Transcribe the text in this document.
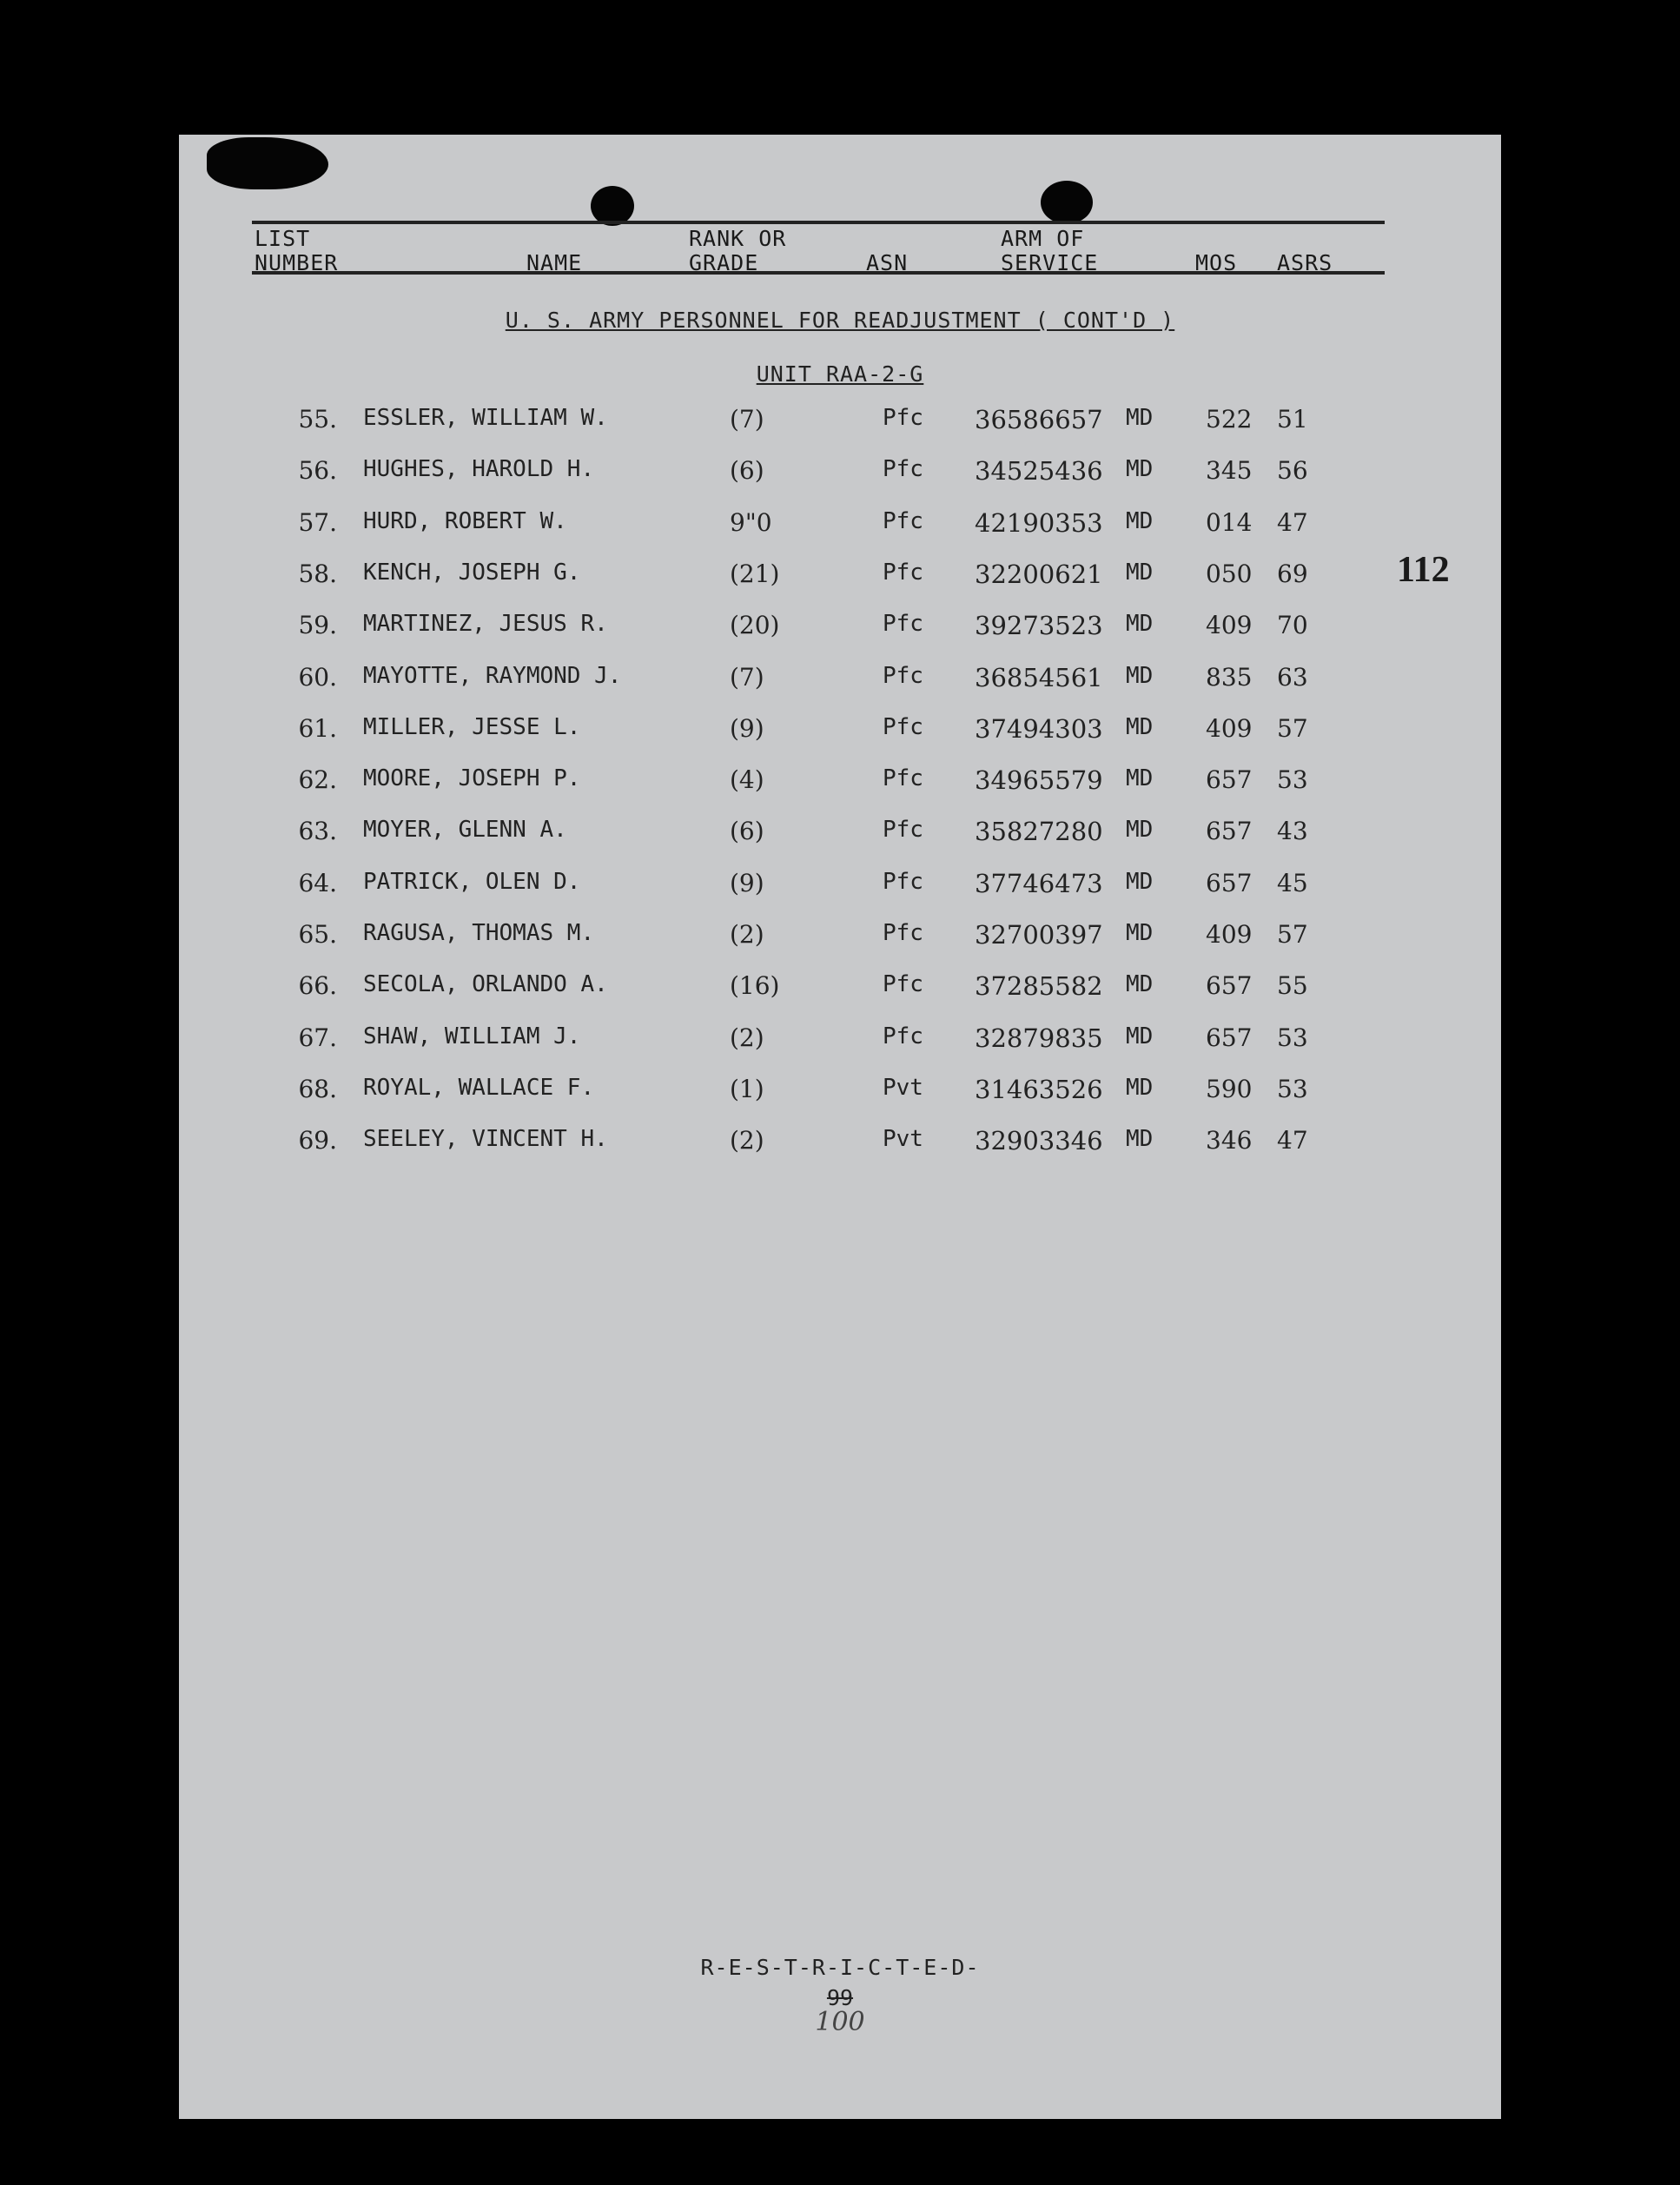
LIST
NUMBER	NAME
RANK OR
GRADE	ASN
ARM OF
SERVICE	MOS ASRS
U. S. ARMY PERSONNEL FOR READJUSTMENT ( CONT'D )
UNIT RAA-2-G
55. ESSLER, WILLIAM W.	(7)	Pfc 36586657 MD 522 51
56. HUGHES, HAROLD H.	(6)	Pfc 34525436 MD 345 56
57. HURD, ROBERT W.	9"0	Pfc 42190353 MD 014 47
58. KENCH, JOSEPH G.	(21)	Pfc 32200621 MD 050 69
59. MARTINEZ, JESUS R.	(20)	Pfc 39273523 MD 409 70
60. MAYOTTE, RAYMOND J.	(7)	Pfc 36854561 MD 835 63
61. MILLER, JESSE L.	(9)	Pfc 37494303 MD 409 57
62. MOORE, JOSEPH P.	(4)	Pfc 34965579 MD 657 53
63. MOYER, GLENN A.	(6)	Pfc 35827280 MD 657 43
64. PATRICK, OLEN D.	(9)	Pfc 37746473 MD 657 45
65. RAGUSA, THOMAS M.	(2)	Pfc 32700397 MD 409 57
66. SECOLA, ORLANDO A.	(16)	Pfc 37285582 MD 657 55
67. SHAW, WILLIAM J.	(2)	Pfc 32879835 MD 657 53
68. ROYAL, WALLACE F.	(1)	Pvt 31463526 MD 590 53
69. SEELEY, VINCENT H.	(2)	Pvt 32903346 MD 346 47
112
R-E-S-T-R-I-C-T-E-D-
99
100
